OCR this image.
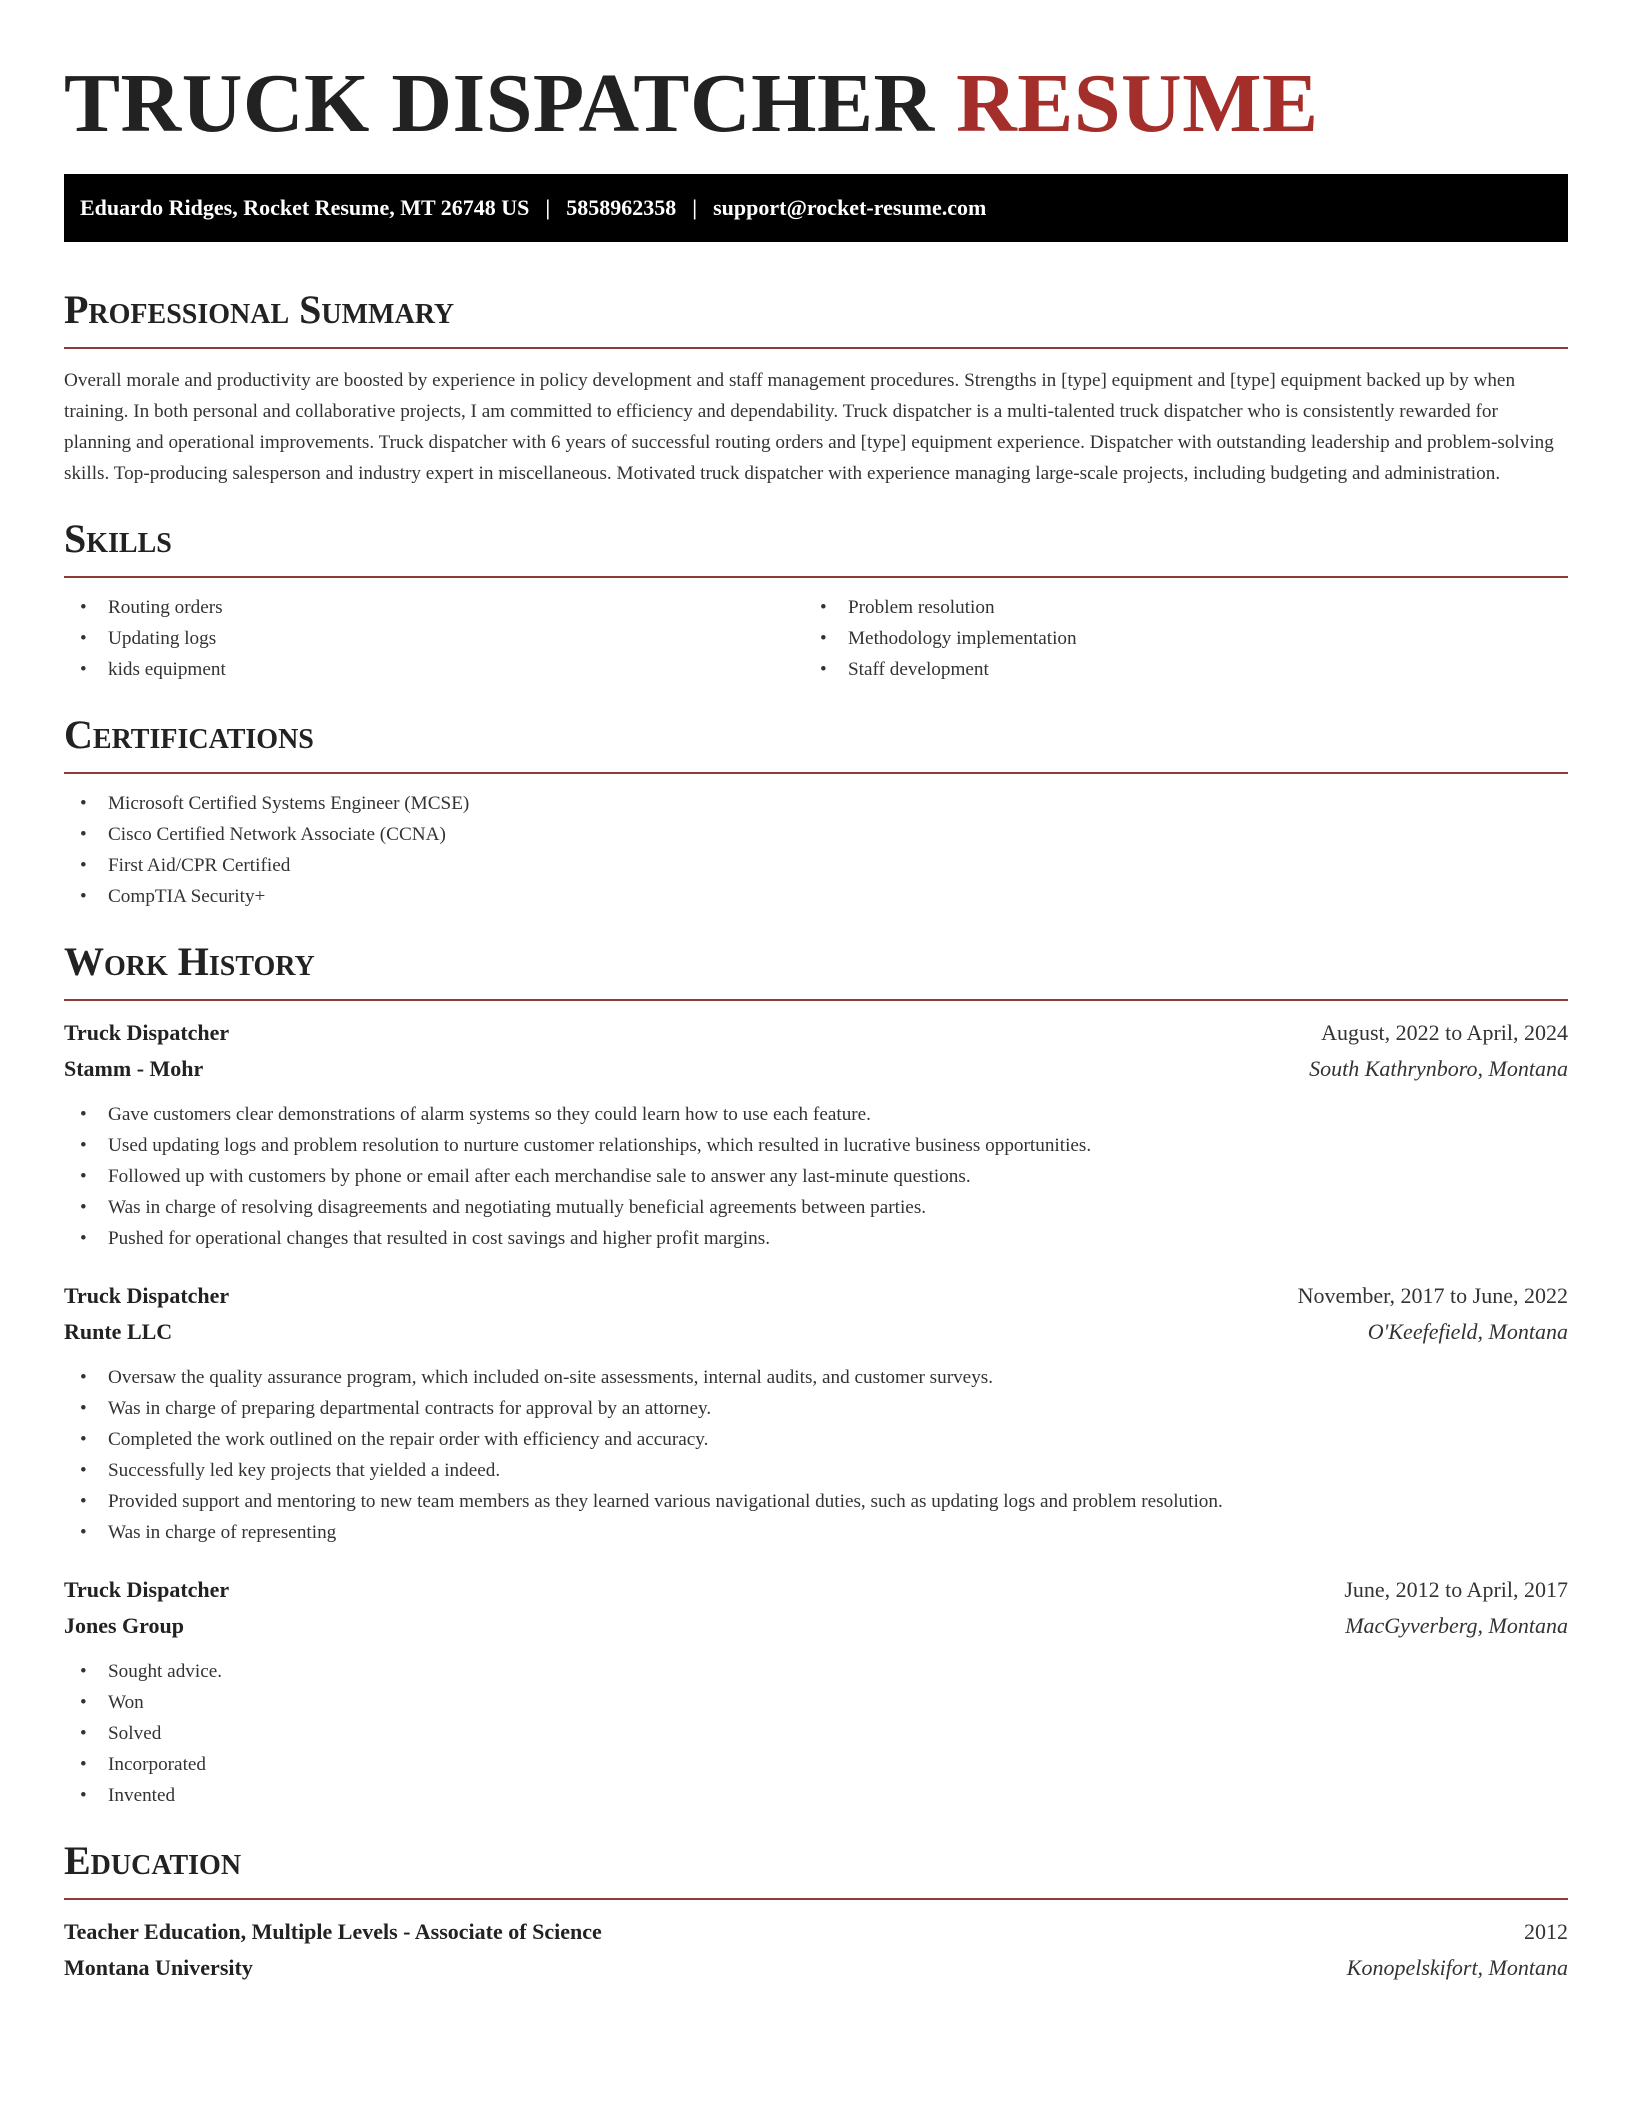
TRUCK DISPATCHER RESUME
Eduardo Ridges, Rocket Resume, MT 26748 US | 5858962358 | support@rocket-resume.com
Professional Summary

Overall morale and productivity are boosted by experience in policy development and staff management procedures. Strengths in [type] equipment and [type] equipment backed up by when training. In both personal and collaborative projects, I am committed to efficiency and dependability. Truck dispatcher is a multi-talented truck dispatcher who is consistently rewarded for planning and operational improvements. Truck dispatcher with 6 years of successful routing orders and [type] equipment experience. Dispatcher with outstanding leadership and problem-solving skills. Top-producing salesperson and industry expert in miscellaneous. Motivated truck dispatcher with experience managing large-scale projects, including budgeting and administration.

Skills
• Routing orders
• Updating logs
• kids equipment
• Problem resolution
• Methodology implementation
• Staff development
Certifications
• Microsoft Certified Systems Engineer (MCSE)
• Cisco Certified Network Associate (CCNA)
• First Aid/CPR Certified
• CompTIA Security+
Work History
Truck Dispatcher	August, 2022 to April, 2024
Stamm - Mohr	South Kathrynboro, Montana
• Gave customers clear demonstrations of alarm systems so they could learn how to use each feature.
• Used updating logs and problem resolution to nurture customer relationships, which resulted in lucrative business opportunities.
• Followed up with customers by phone or email after each merchandise sale to answer any last-minute questions.
• Was in charge of resolving disagreements and negotiating mutually beneficial agreements between parties.
• Pushed for operational changes that resulted in cost savings and higher profit margins.
Truck Dispatcher	November, 2017 to June, 2022
Runte LLC	O'Keefefield, Montana
• Oversaw the quality assurance program, which included on-site assessments, internal audits, and customer surveys.
• Was in charge of preparing departmental contracts for approval by an attorney.
• Completed the work outlined on the repair order with efficiency and accuracy.
• Successfully led key projects that yielded a indeed.
• Provided support and mentoring to new team members as they learned various navigational duties, such as updating logs and problem resolution.
• Was in charge of representing
Truck Dispatcher	June, 2012 to April, 2017
Jones Group	MacGyverberg, Montana
• Sought advice.
• Won
• Solved
• Incorporated
• Invented
Education
Teacher Education, Multiple Levels - Associate of Science	2012
Montana University	Konopelskifort, Montana
